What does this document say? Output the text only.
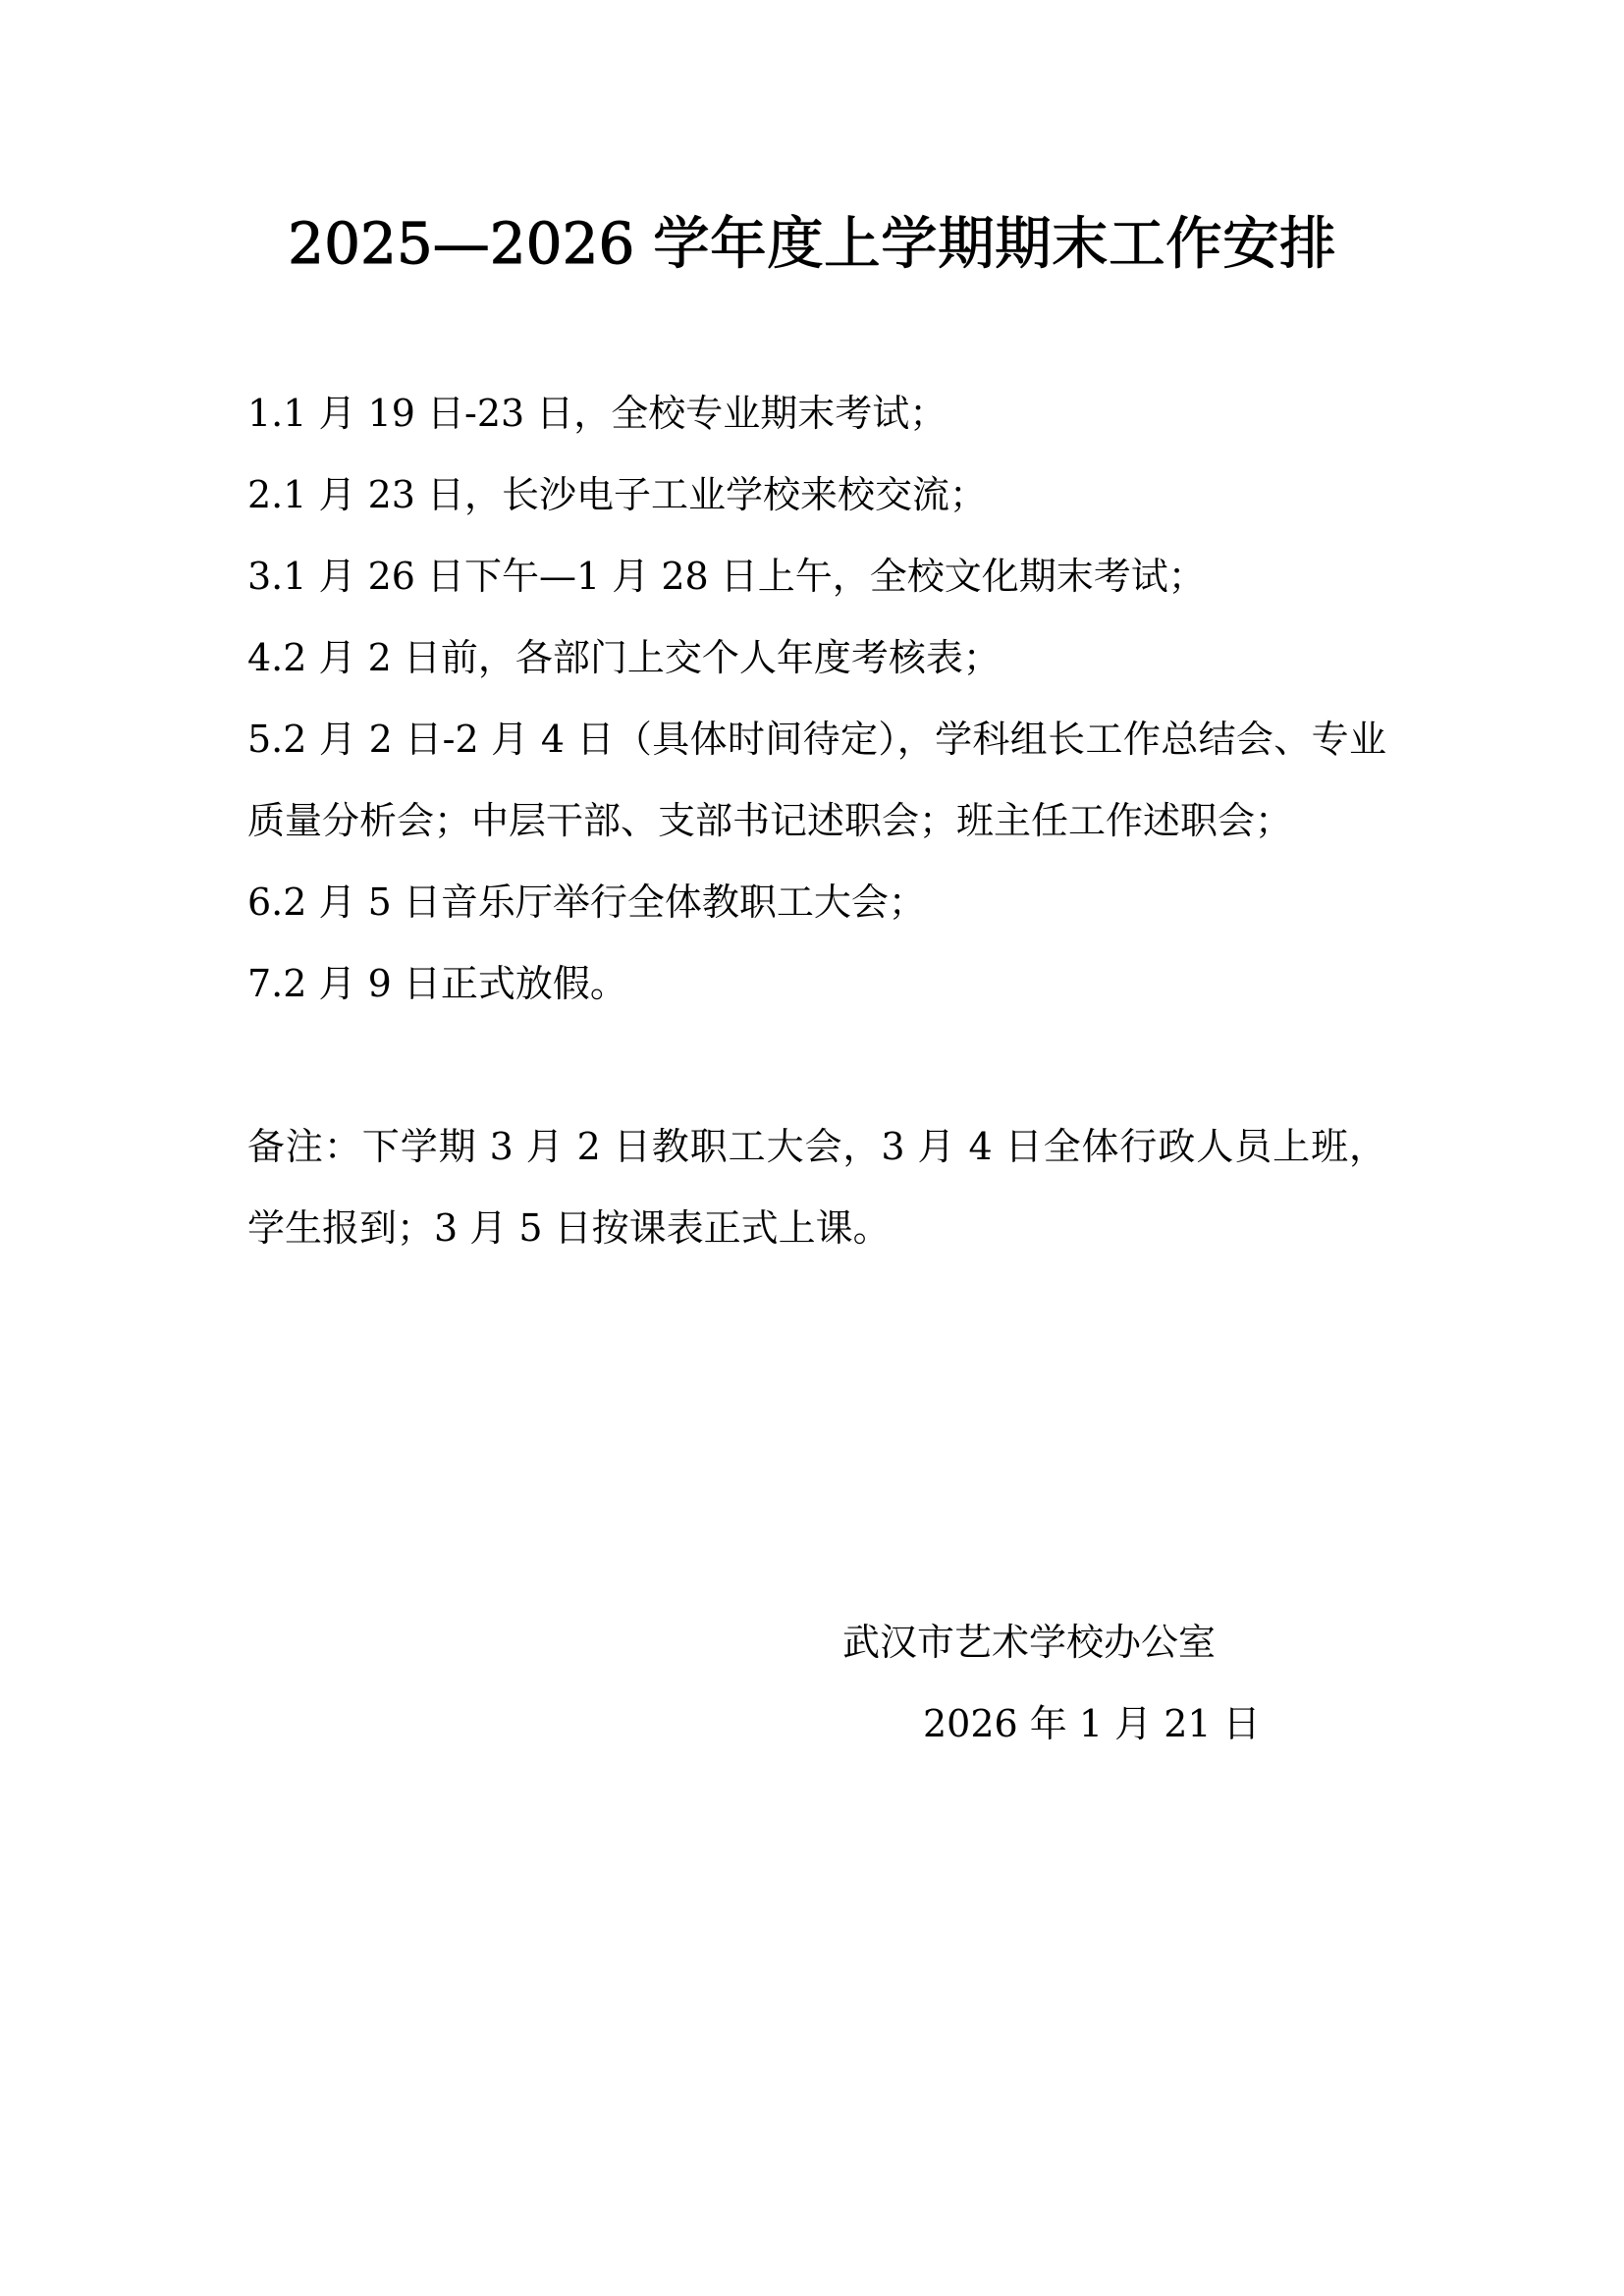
2025—2026 学年度上学期期末工作安排

1.1 月 19 日-23 日，全校专业期末考试；

2.1 月 23 日，长沙电子工业学校来校交流；

3.1 月 26 日下午—1 月 28 日上午，全校文化期末考试；

4.2 月 2 日前，各部门上交个人年度考核表；

5.2 月 2 日-2 月 4 日（具体时间待定），学科组长工作总结会、专业质量分析会；中层干部、支部书记述职会；班主任工作述职会；

6.2 月 5 日音乐厅举行全体教职工大会；

7.2 月 9 日正式放假。

备注：下学期 3 月 2 日教职工大会，3 月 4 日全体行政人员上班，学生报到；3 月 5 日按课表正式上课。

武汉市艺术学校办公室
2026 年 1 月 21 日
